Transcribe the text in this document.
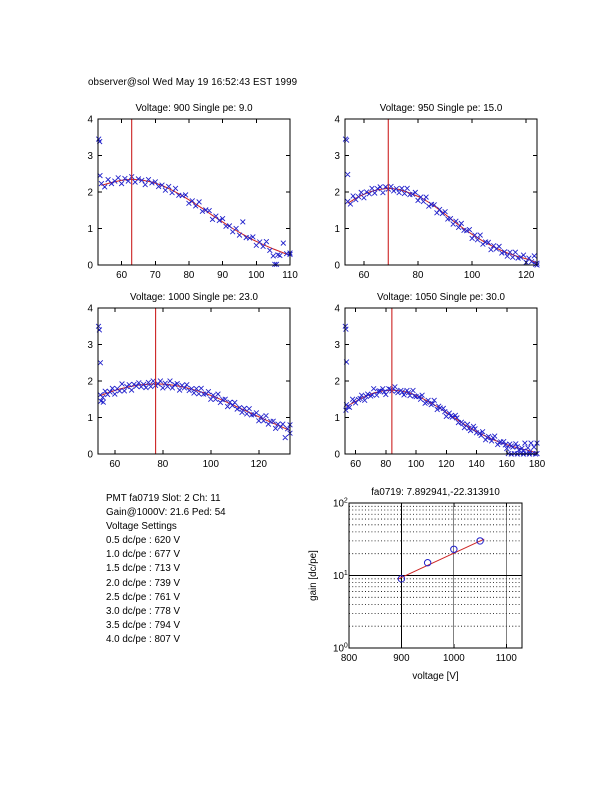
observer@sol Wed May 19 16:52:43 EST 1999
PMT fa0719 Slot: 2 Ch: 11
Gain@1000V: 21.6 Ped: 54
Voltage Settings
0.5 dc/pe : 620 V
1.0 dc/pe : 677 V
1.5 dc/pe : 713 V
2.0 dc/pe : 739 V
2.5 dc/pe : 761 V
3.0 dc/pe : 778 V
3.5 dc/pe : 794 V
4.0 dc/pe : 807 V
60 70 80 90 100 110
0
1
2
3
4
Voltage: 900 Single pe: 9.0
60	80	100	120
0
1
2
3
4
Voltage: 950 Single pe: 15.0
60	80	100	120
0
1
2
3
4
Voltage: 1000 Single pe: 23.0
60 80 100 120 140 160 180
0
1
2
3
4
Voltage: 1050 Single pe: 30.0
800	900	1000	1100
$10^0$
$10^1$
$10^2$
fa0719: 7.892941,-22.313910
voltage [V]
gain [dc/pe]
